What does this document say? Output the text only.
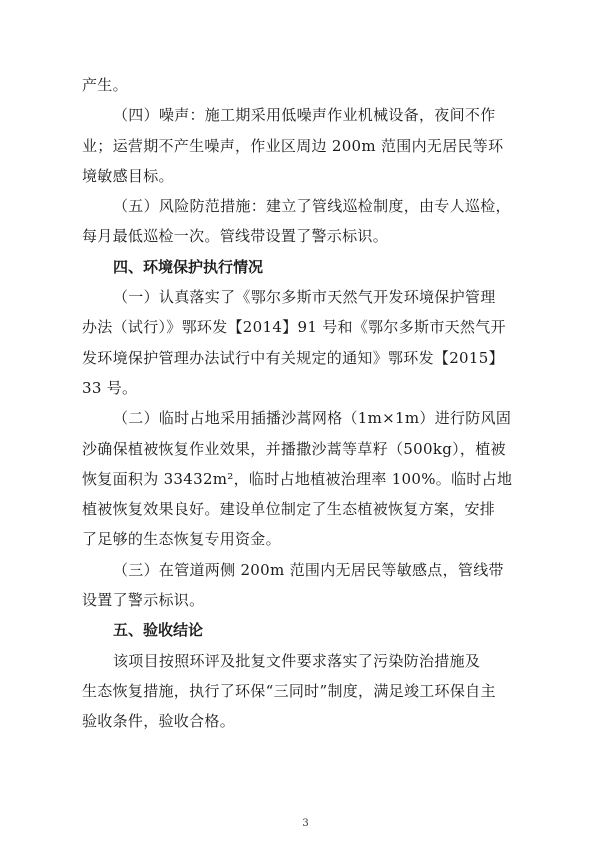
产生。
（四）噪声：施工期采用低噪声作业机械设备，夜间不作
业；运营期不产生噪声，作业区周边 200m 范围内无居民等环
境敏感目标。
（五）风险防范措施：建立了管线巡检制度，由专人巡检，
每月最低巡检一次。管线带设置了警示标识。
四、环境保护执行情况
（一）认真落实了《鄂尔多斯市天然气开发环境保护管理
办法（试行）》鄂环发【2014】91 号和《鄂尔多斯市天然气开
发环境保护管理办法试行中有关规定的通知》鄂环发【2015】
33 号。
（二）临时占地采用插播沙蒿网格（1m×1m）进行防风固
沙确保植被恢复作业效果，并播撒沙蒿等草籽（500kg），植被
恢复面积为 33432m²，临时占地植被治理率 100%。临时占地
植被恢复效果良好。建设单位制定了生态植被恢复方案，安排
了足够的生态恢复专用资金。
（三）在管道两侧 200m 范围内无居民等敏感点，管线带
设置了警示标识。
五、验收结论
该项目按照环评及批复文件要求落实了污染防治措施及
生态恢复措施，执行了环保“三同时”制度，满足竣工环保自主
验收条件，验收合格。
3
